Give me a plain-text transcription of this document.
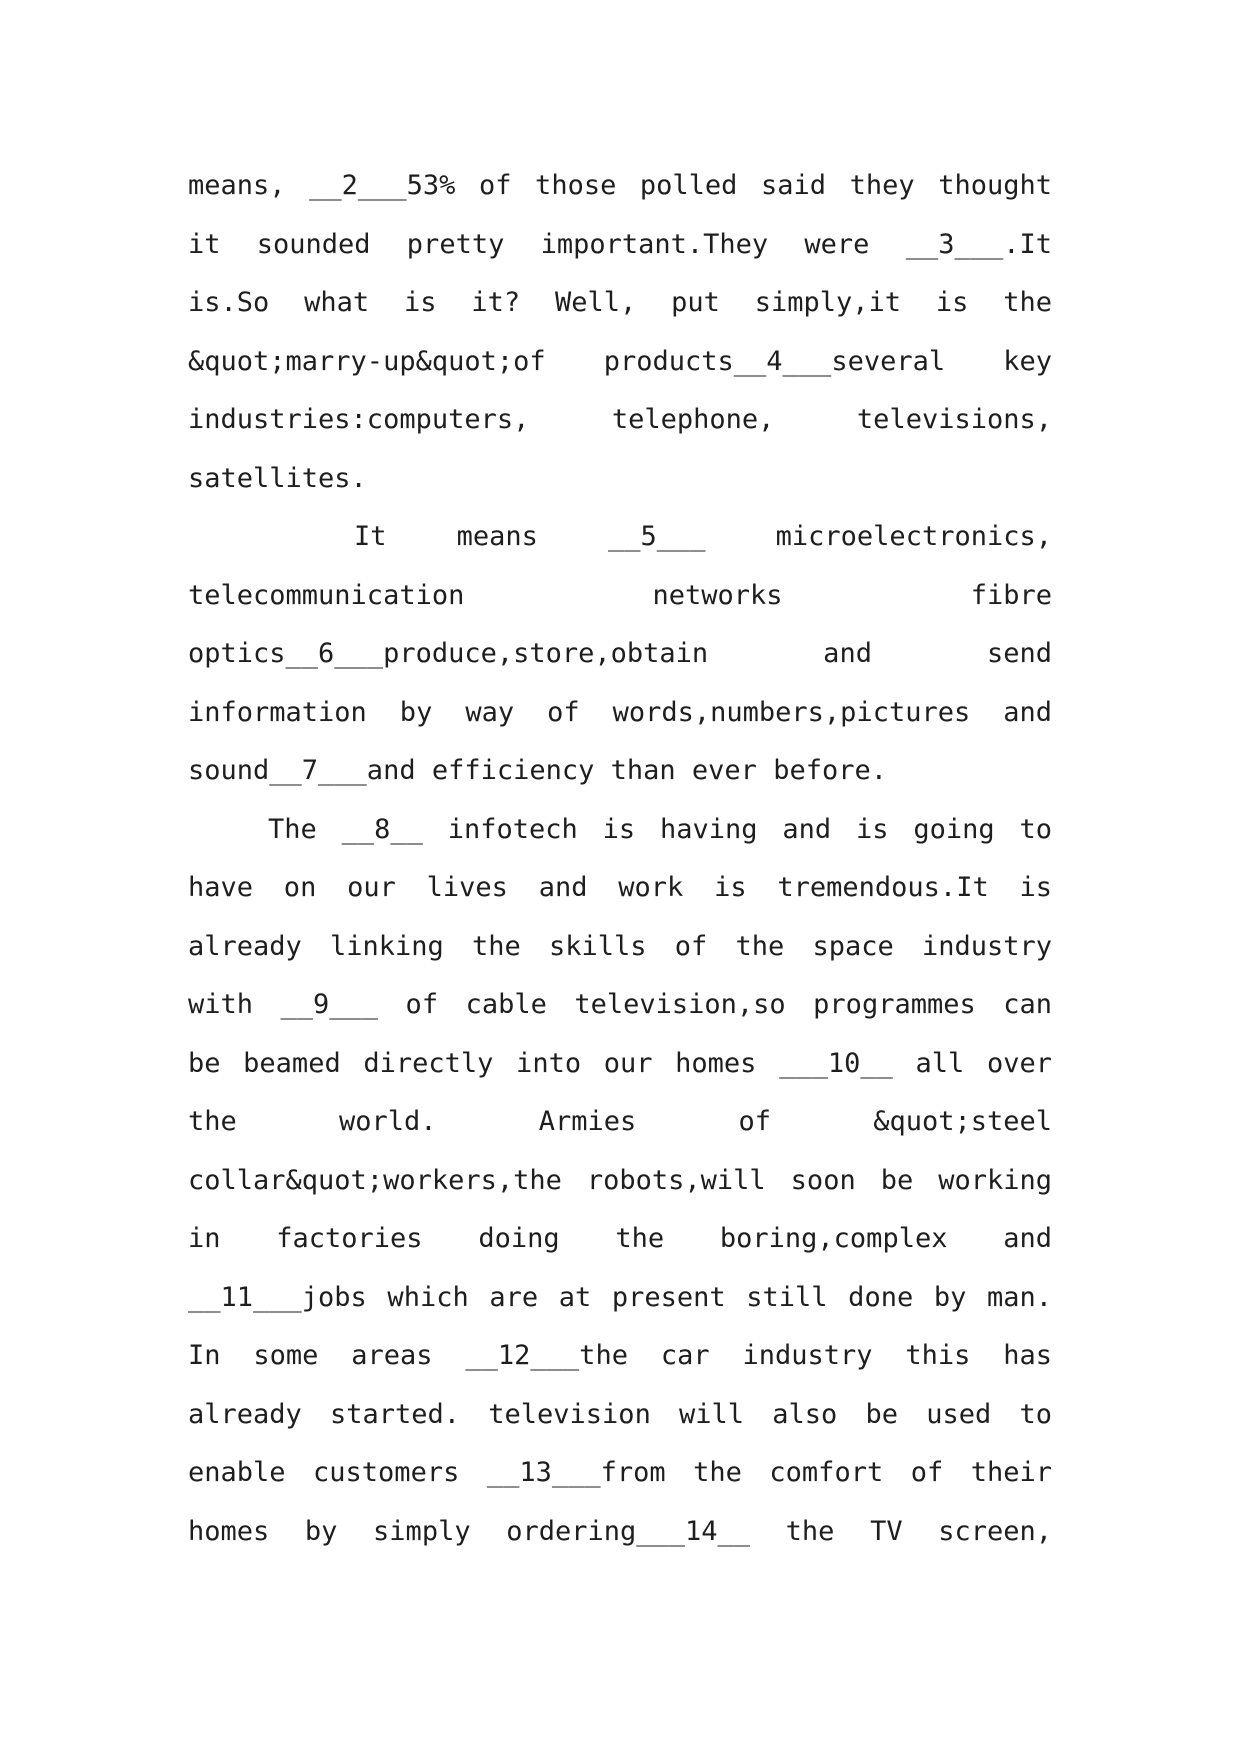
means, __2___53% of those polled said they thought
it sounded pretty important.They were __3___.It
is.So what is it? Well, put simply,it is the
&quot;marry-up&quot;of products__4___several key
industries:computers, telephone, televisions,
satellites.
It means __5___ microelectronics,
telecommunication networks fibre
optics__6___produce,store,obtain and send
information by way of words,numbers,pictures and
sound__7___and efficiency than ever before.
The __8__ infotech is having and is going to
have on our lives and work is tremendous.It is
already linking the skills of the space industry
with __9___ of cable television,so programmes can
be beamed directly into our homes ___10__ all over
the world. Armies of &quot;steel
collar&quot;workers,the robots,will soon be working
in factories doing the boring,complex and
__11___jobs which are at present still done by man.
In some areas __12___the car industry this has
already started. television will also be used to
enable customers __13___from the comfort of their
homes by simply ordering___14__ the TV screen,
